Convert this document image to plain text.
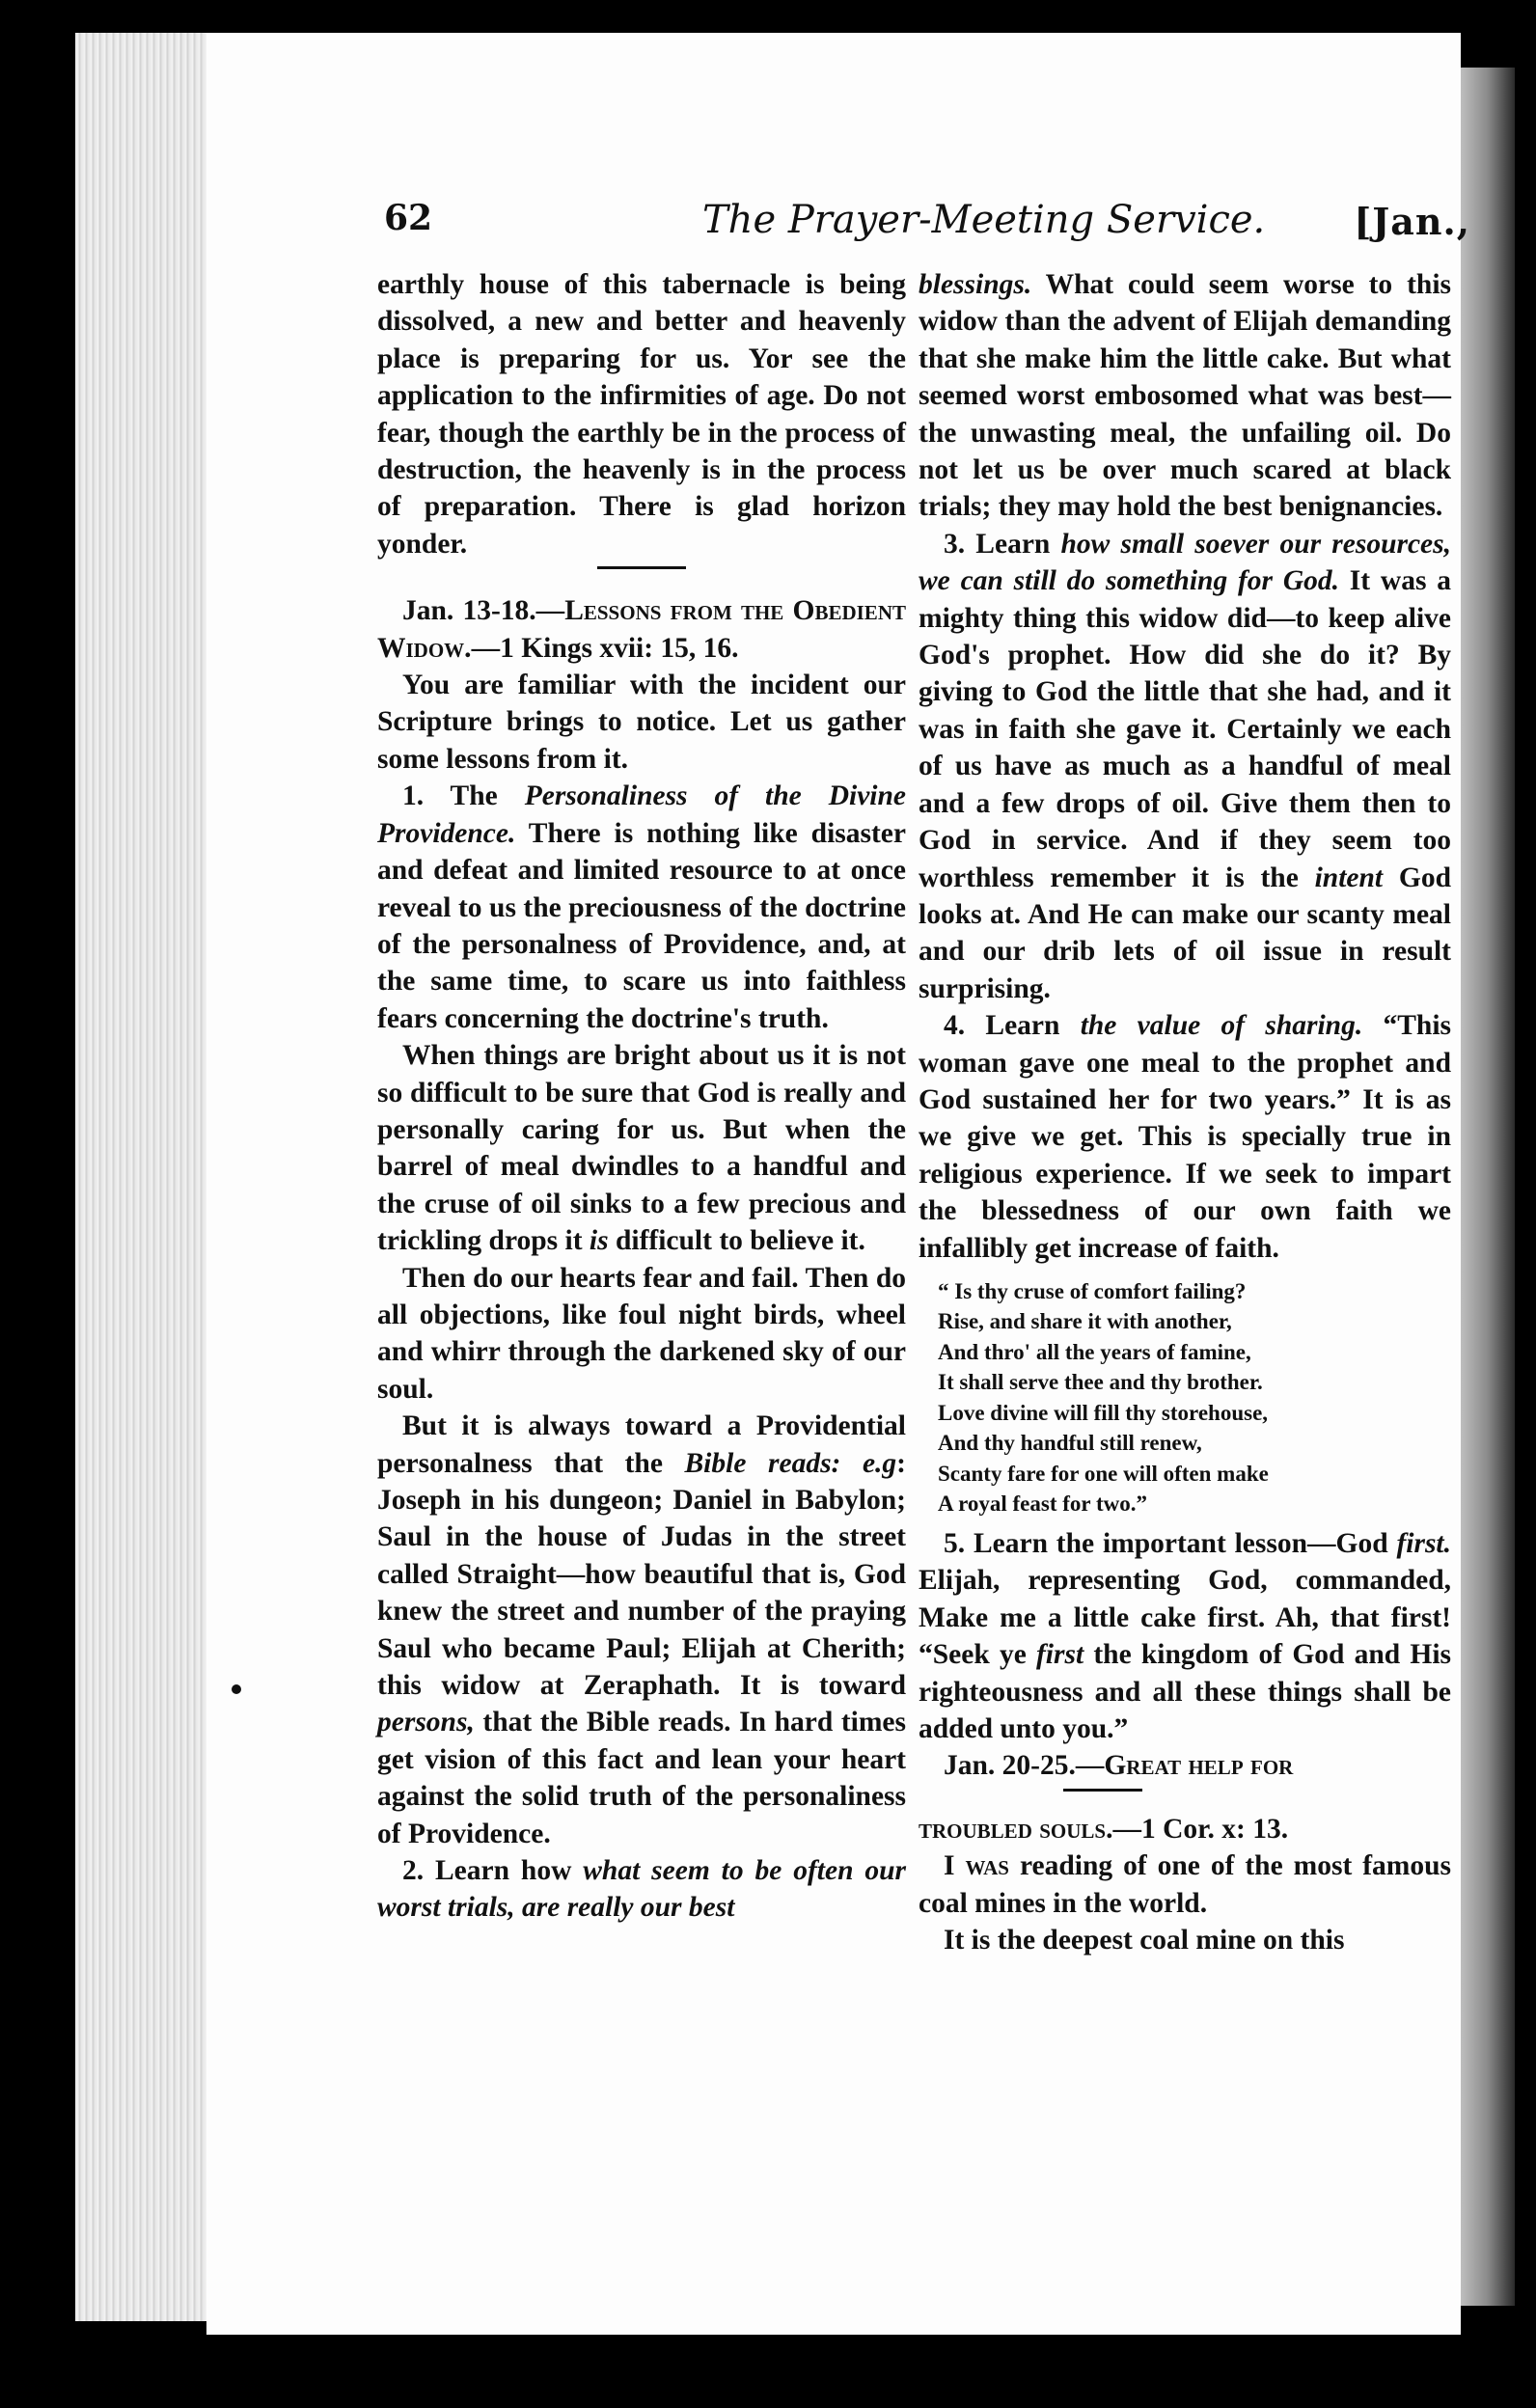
62	The Prayer-Meeting Service. [Jan.,

earthly house of this tabernacle is being dissolved, a new and better and heavenly place is preparing for us. Yor see the application to the infirmities of age. Do not fear, though the earthly be in the process of destruction, the heavenly is in the process of preparation. There is glad horizon yonder.

Jan. 13-18.—Lessons from the Obedient Widow.—1 Kings xvii: 15, 16.

You are familiar with the incident our Scripture brings to notice. Let us gather some lessons from it.

1. The Personaliness of the Divine Providence. There is nothing like disaster and defeat and limited resource to at once reveal to us the preciousness of the doctrine of the personalness of Providence, and, at the same time, to scare us into faithless fears concerning the doctrine's truth.

When things are bright about us it is not so difficult to be sure that God is really and personally caring for us. But when the barrel of meal dwindles to a handful and the cruse of oil sinks to a few precious and trickling drops it is difficult to believe it.

Then do our hearts fear and fail. Then do all objections, like foul night birds, wheel and whirr through the darkened sky of our soul.

But it is always toward a Providential personalness that the Bible reads: e.g: Joseph in his dungeon; Daniel in Babylon; Saul in the house of Judas in the street called Straight—how beautiful that is, God knew the street and number of the praying Saul who became Paul; Elijah at Cherith; this widow at Zeraphath. It is toward persons, that the Bible reads. In hard times get vision of this fact and lean your heart against the solid truth of the personaliness of Providence.

2. Learn how what seem to be often our worst trials, are really our best

blessings. What could seem worse to this widow than the advent of Elijah demanding that she make him the little cake. But what seemed worst embosomed what was best—the unwasting meal, the unfailing oil. Do not let us be over much scared at black trials; they may hold the best benignancies.

3. Learn how small soever our resources, we can still do something for God. It was a mighty thing this widow did—to keep alive God's prophet. How did she do it? By giving to God the little that she had, and it was in faith she gave it. Certainly we each of us have as much as a handful of meal and a few drops of oil. Give them then to God in service. And if they seem too worthless remember it is the intent God looks at. And He can make our scanty meal and our drib lets of oil issue in result surprising.

4. Learn the value of sharing. “This woman gave one meal to the prophet and God sustained her for two years.” It is as we give we get. This is specially true in religious experience. If we seek to impart the blessedness of our own faith we infallibly get increase of faith.

“ Is thy cruse of comfort failing?
Rise, and share it with another,
And thro' all the years of famine,
It shall serve thee and thy brother.
Love divine will fill thy storehouse,
And thy handful still renew,
Scanty fare for one will often make
A royal feast for two.”

5. Learn the important lesson—God first. Elijah, representing God, commanded, Make me a little cake first. Ah, that first! “Seek ye first the kingdom of God and His righteousness and all these things shall be added unto you.”

Jan. 20-25.—Great help for

troubled souls.—1 Cor. x: 13.

I was reading of one of the most famous coal mines in the world.

It is the deepest coal mine on this
